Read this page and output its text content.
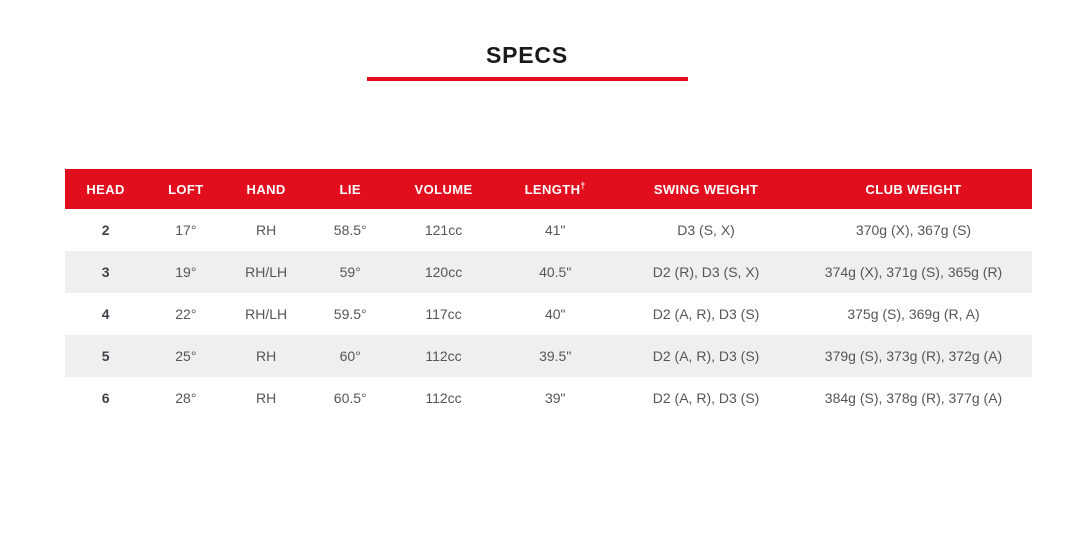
SPECS
HEAD	LOFT	HAND	LIE	VOLUME	LENGTH†	SWING WEIGHT	CLUB WEIGHT
2	17°	RH	58.5°	121cc	41"	D3 (S, X)	370g (X), 367g (S)
3	19°	RH/LH	59°	120cc	40.5"	D2 (R), D3 (S, X)	374g (X), 371g (S), 365g (R)
4	22°	RH/LH	59.5°	117cc	40"	D2 (A, R), D3 (S)	375g (S), 369g (R, A)
5	25°	RH	60°	112cc	39.5"	D2 (A, R), D3 (S)	379g (S), 373g (R), 372g (A)
6	28°	RH	60.5°	112cc	39"	D2 (A, R), D3 (S)	384g (S), 378g (R), 377g (A)
